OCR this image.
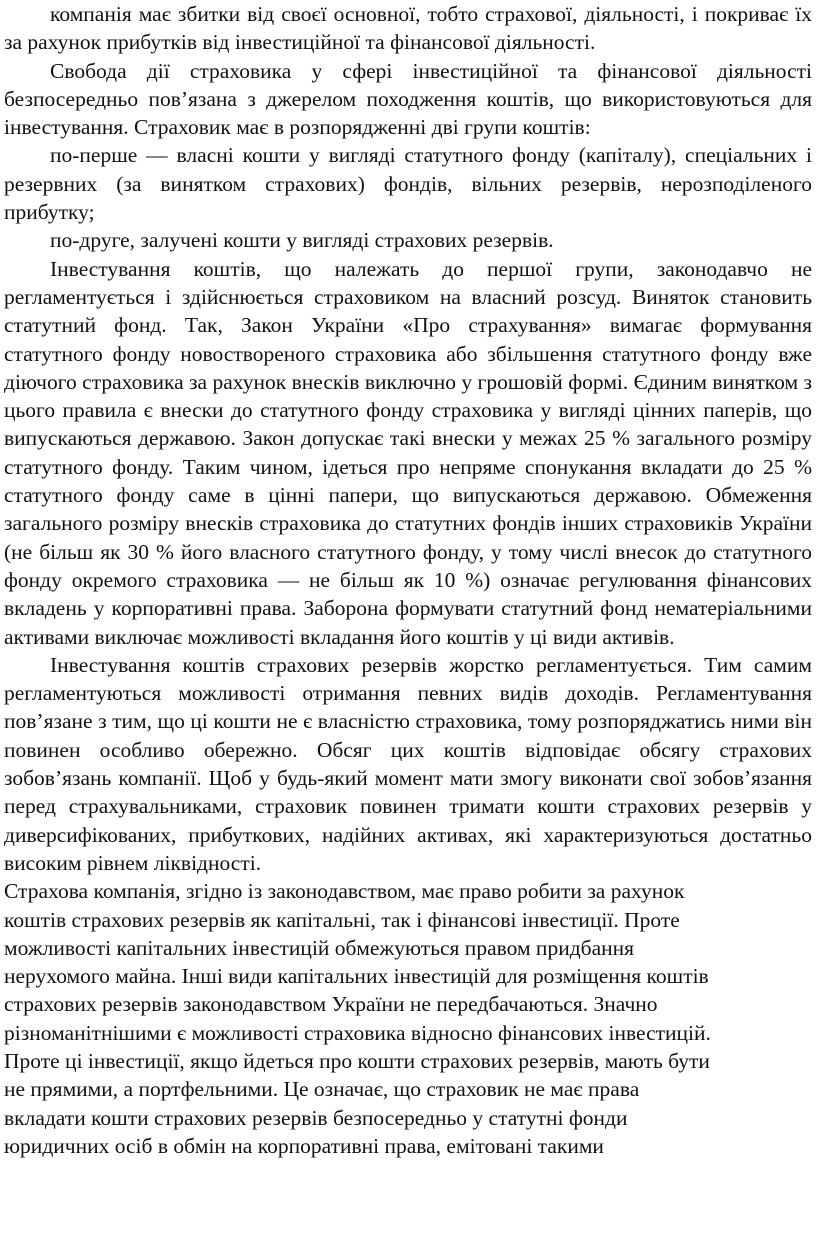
компанія має збитки від своєї основної, тобто страхової, діяльності, і покриває їх за рахунок прибутків від інвестиційної та фінансової діяльності.

Свобода дії страховика у сфері інвестиційної та фінансової діяльності безпосередньо пов’язана з джерелом походження коштів, що використовуються для інвестування. Страховик має в розпорядженні дві групи коштів:

по-перше — власні кошти у вигляді статутного фонду (капіталу), спеціальних і резервних (за винятком страхових) фондів, вільних резервів, нерозподіленого прибутку;

по-друге, залучені кошти у вигляді страхових резервів.

Інвестування коштів, що належать до першої групи, законодавчо не регламентується і здійснюється страховиком на власний розсуд. Виняток становить статутний фонд. Так, Закон України «Про страхування» вимагає формування статутного фонду новоствореного страховика або збільшення статутного фонду вже діючого страховика за рахунок внесків виключно у грошовій формі. Єдиним винятком з цього правила є внески до статутного фонду страховика у вигляді цінних паперів, що випускаються державою. Закон допускає такі внески у межах 25 % загального розміру статутного фонду. Таким чином, ідеться про непряме спонукання вкладати до 25 % статутного фонду саме в цінні папери, що випускаються державою. Обмеження загального розміру внесків страховика до статутних фондів інших страховиків України (не більш як 30 % його власного статутного фонду, у тому числі внесок до статутного фонду окремого страховика — не більш як 10 %) означає регулювання фінансових вкладень у корпоративні права. Заборона формувати статутний фонд нематеріальними активами виключає можливості вкладання його коштів у ці види активів.

Інвестування коштів страхових резервів жорстко регламентується. Тим самим регламентуються можливості отримання певних видів доходів. Регламентування пов’язане з тим, що ці кошти не є власністю страховика, тому розпоряджатись ними він повинен особливо обережно. Обсяг цих коштів відповідає обсягу страхових зобов’язань компанії. Щоб у будь-який момент мати змогу виконати свої зобов’язання перед страхувальниками, страховик повинен тримати кошти страхових резервів у диверсифікованих, прибуткових, надійних активах, які характеризуються достатньо високим рівнем ліквідності.

Страхова компанія, згідно із законодавством, має право робити за рахунок
коштів страхових резервів як капітальні, так і фінансові інвестиції. Проте
можливості капітальних інвестицій обмежуються правом придбання
нерухомого майна. Інші види капітальних інвестицій для розміщення коштів
страхових резервів законодавством України не передбачаються. Значно
різноманітнішими є можливості страховика відносно фінансових інвестицій.
Проте ці інвестиції, якщо йдеться про кошти страхових резервів, мають бути
не прямими, а портфельними. Це означає, що страховик не має права
вкладати кошти страхових резервів безпосередньо у статутні фонди
юридичних осіб в обмін на корпоративні права, емітовані такими
